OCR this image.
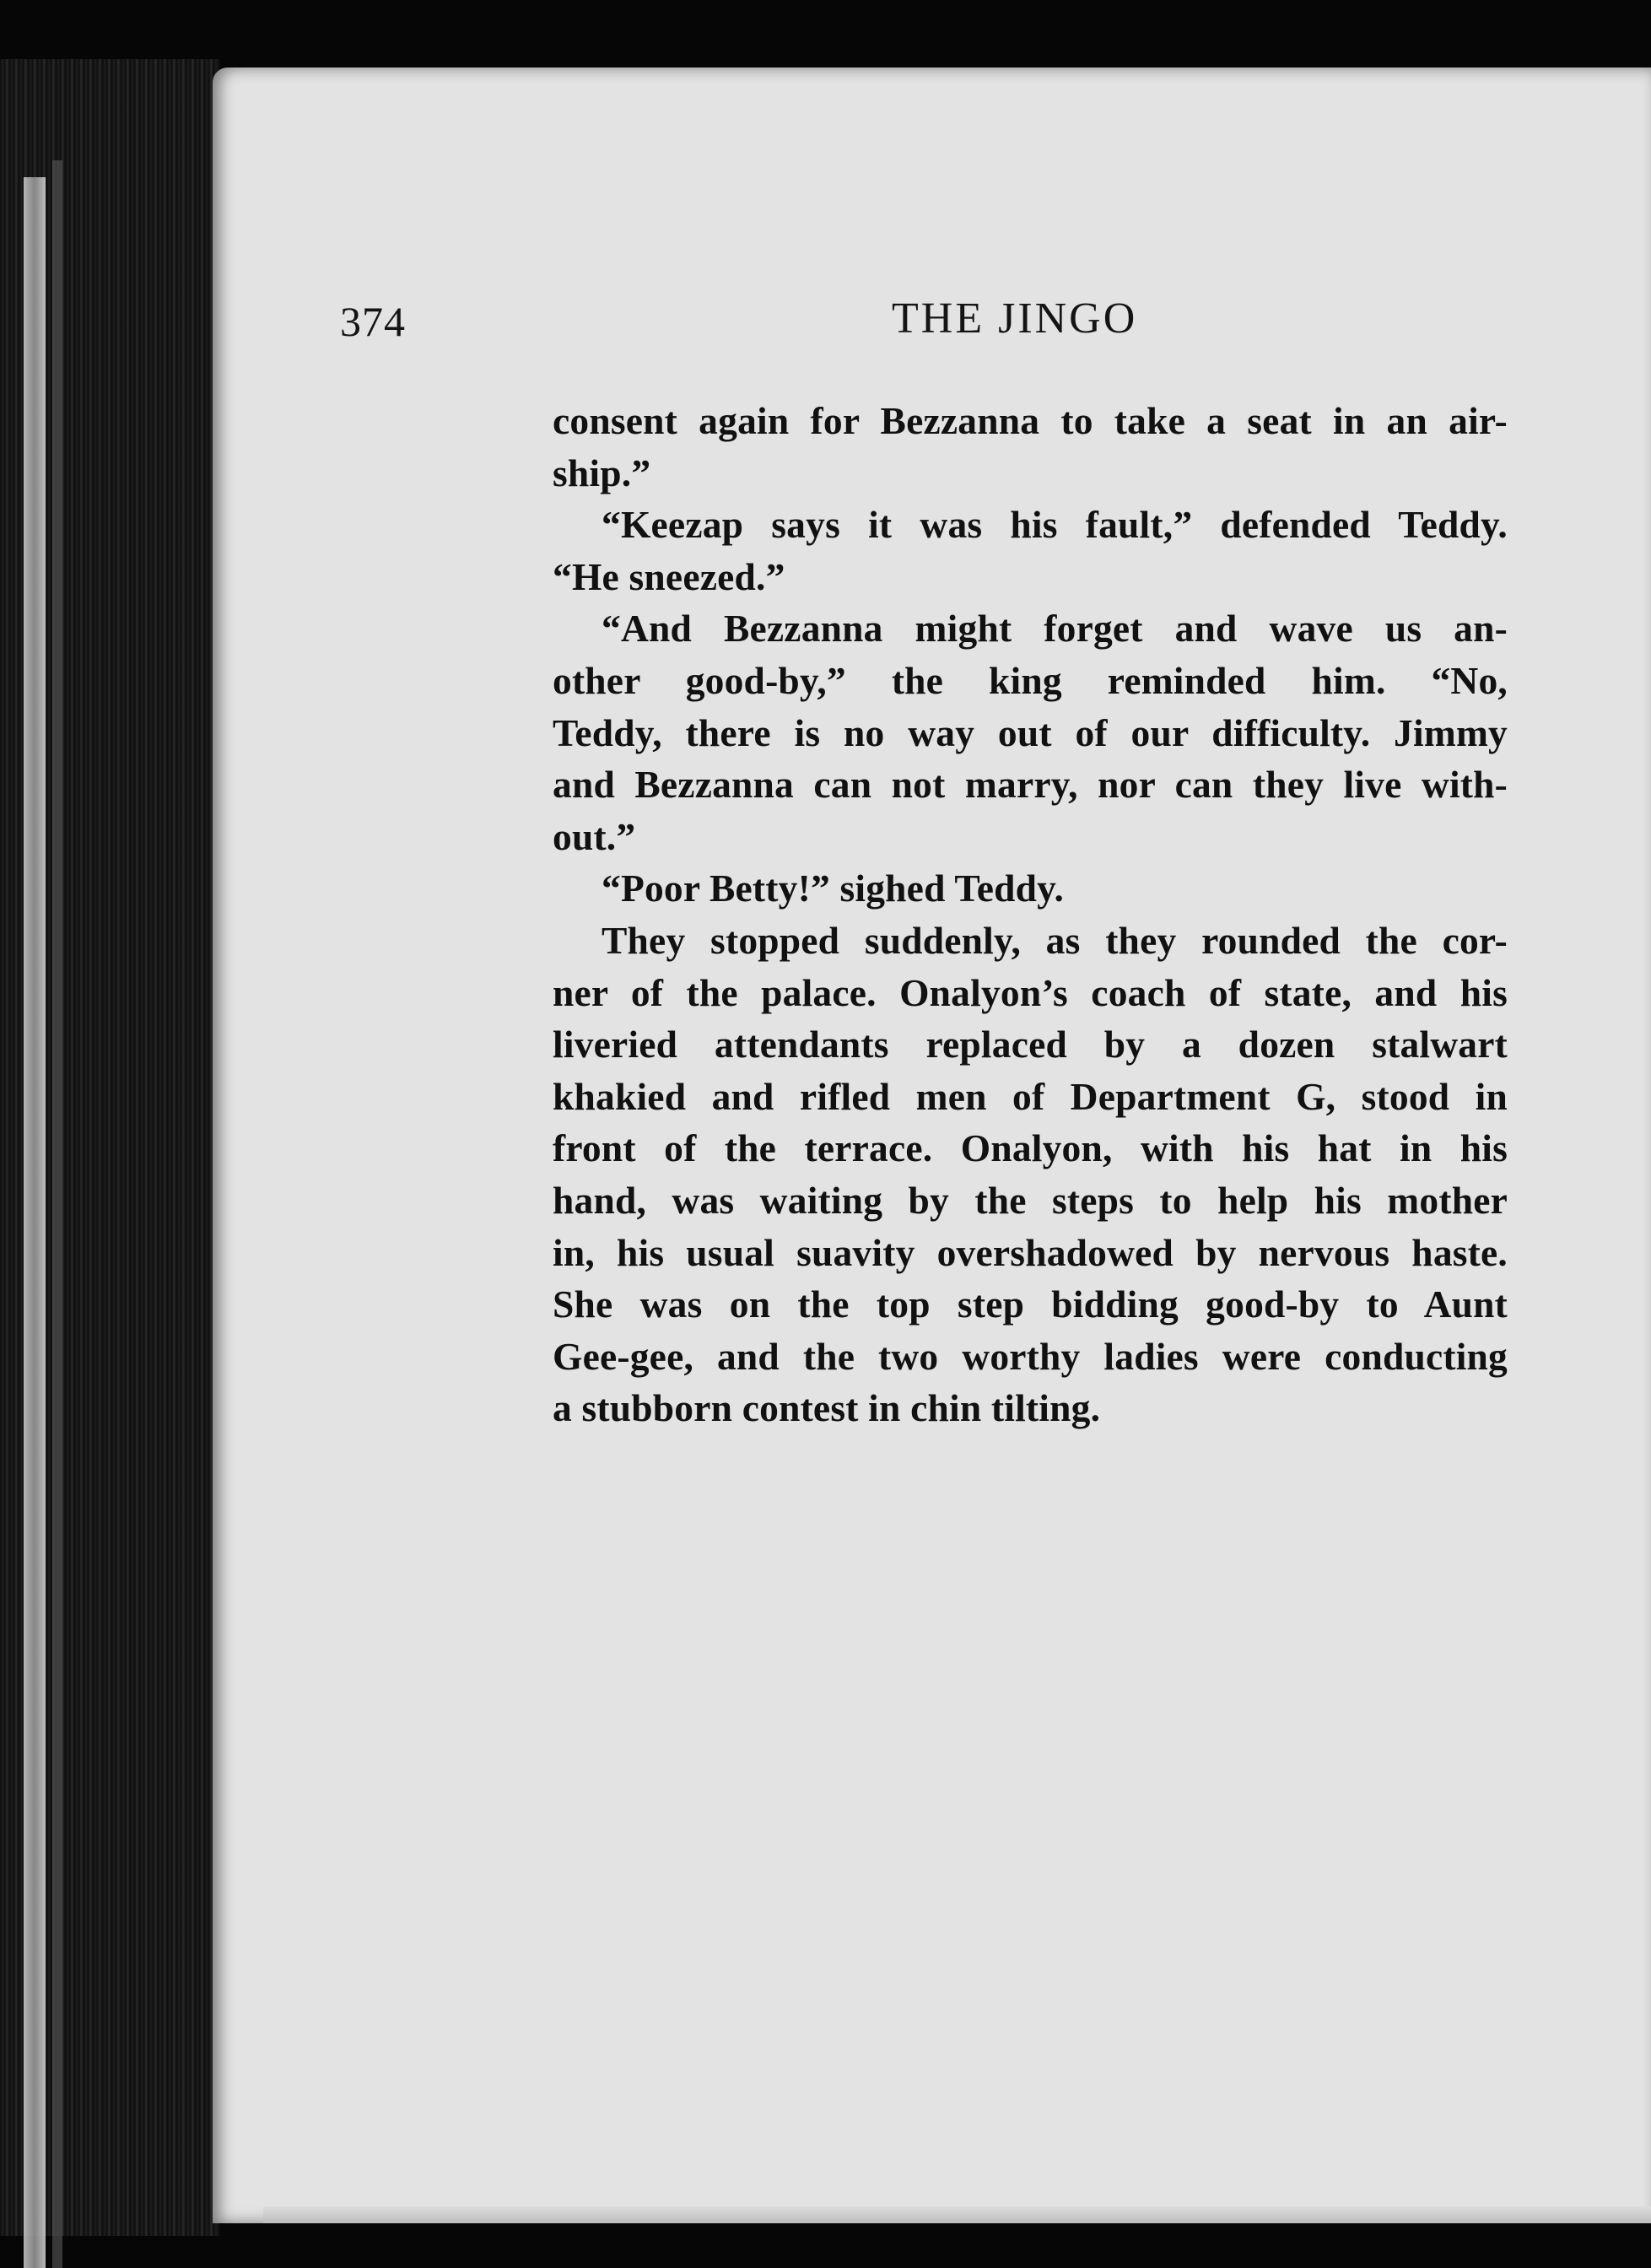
374	THE JINGO
consent again for Bezzanna to take a seat in an air-
ship.”
“Keezap says it was his fault,” defended Teddy.
“He sneezed.”
“And Bezzanna might forget and wave us an-
other good-by,” the king reminded him. “No,
Teddy, there is no way out of our difficulty. Jimmy
and Bezzanna can not marry, nor can they live with-
out.”
“Poor Betty!” sighed Teddy.
They stopped suddenly, as they rounded the cor-
ner of the palace. Onalyon’s coach of state, and his
liveried attendants replaced by a dozen stalwart
khakied and rifled men of Department G, stood in
front of the terrace. Onalyon, with his hat in his
hand, was waiting by the steps to help his mother
in, his usual suavity overshadowed by nervous haste.
She was on the top step bidding good-by to Aunt
Gee-gee, and the two worthy ladies were conducting
a stubborn contest in chin tilting.
